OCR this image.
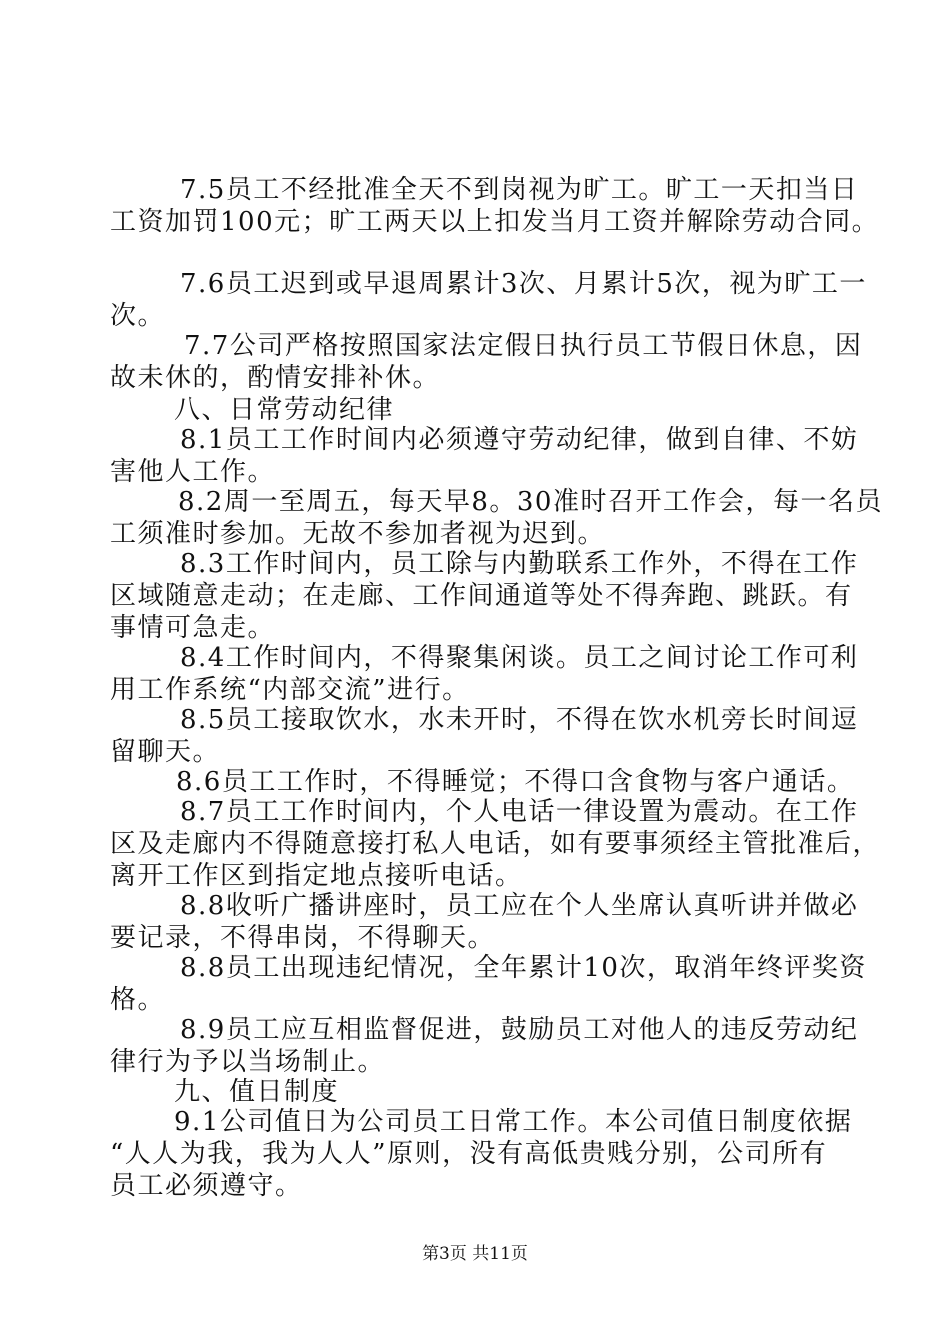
7.5员工不经批准全天不到岗视为旷工。旷工一天扣当日
工资加罚100元；旷工两天以上扣发当月工资并解除劳动合同。
7.6员工迟到或早退周累计3次、月累计5次，视为旷工一
次。
7.7公司严格按照国家法定假日执行员工节假日休息，因
故未休的，酌情安排补休。
八、日常劳动纪律
8.1员工工作时间内必须遵守劳动纪律，做到自律、不妨
害他人工作。
8.2周一至周五，每天早8。30准时召开工作会，每一名员
工须准时参加。无故不参加者视为迟到。
8.3工作时间内，员工除与内勤联系工作外，不得在工作
区域随意走动；在走廊、工作间通道等处不得奔跑、跳跃。有
事情可急走。
8.4工作时间内，不得聚集闲谈。员工之间讨论工作可利
用工作系统“内部交流”进行。
8.5员工接取饮水，水未开时，不得在饮水机旁长时间逗
留聊天。
8.6员工工作时，不得睡觉；不得口含食物与客户通话。
8.7员工工作时间内，个人电话一律设置为震动。在工作
区及走廊内不得随意接打私人电话，如有要事须经主管批准后，
离开工作区到指定地点接听电话。
8.8收听广播讲座时，员工应在个人坐席认真听讲并做必
要记录，不得串岗，不得聊天。
8.8员工出现违纪情况，全年累计10次，取消年终评奖资
格。
8.9员工应互相监督促进，鼓励员工对他人的违反劳动纪
律行为予以当场制止。
九、值日制度
9.1公司值日为公司员工日常工作。本公司值日制度依据
“人人为我，我为人人”原则，没有高低贵贱分别，公司所有
员工必须遵守。
第3页 共11页
